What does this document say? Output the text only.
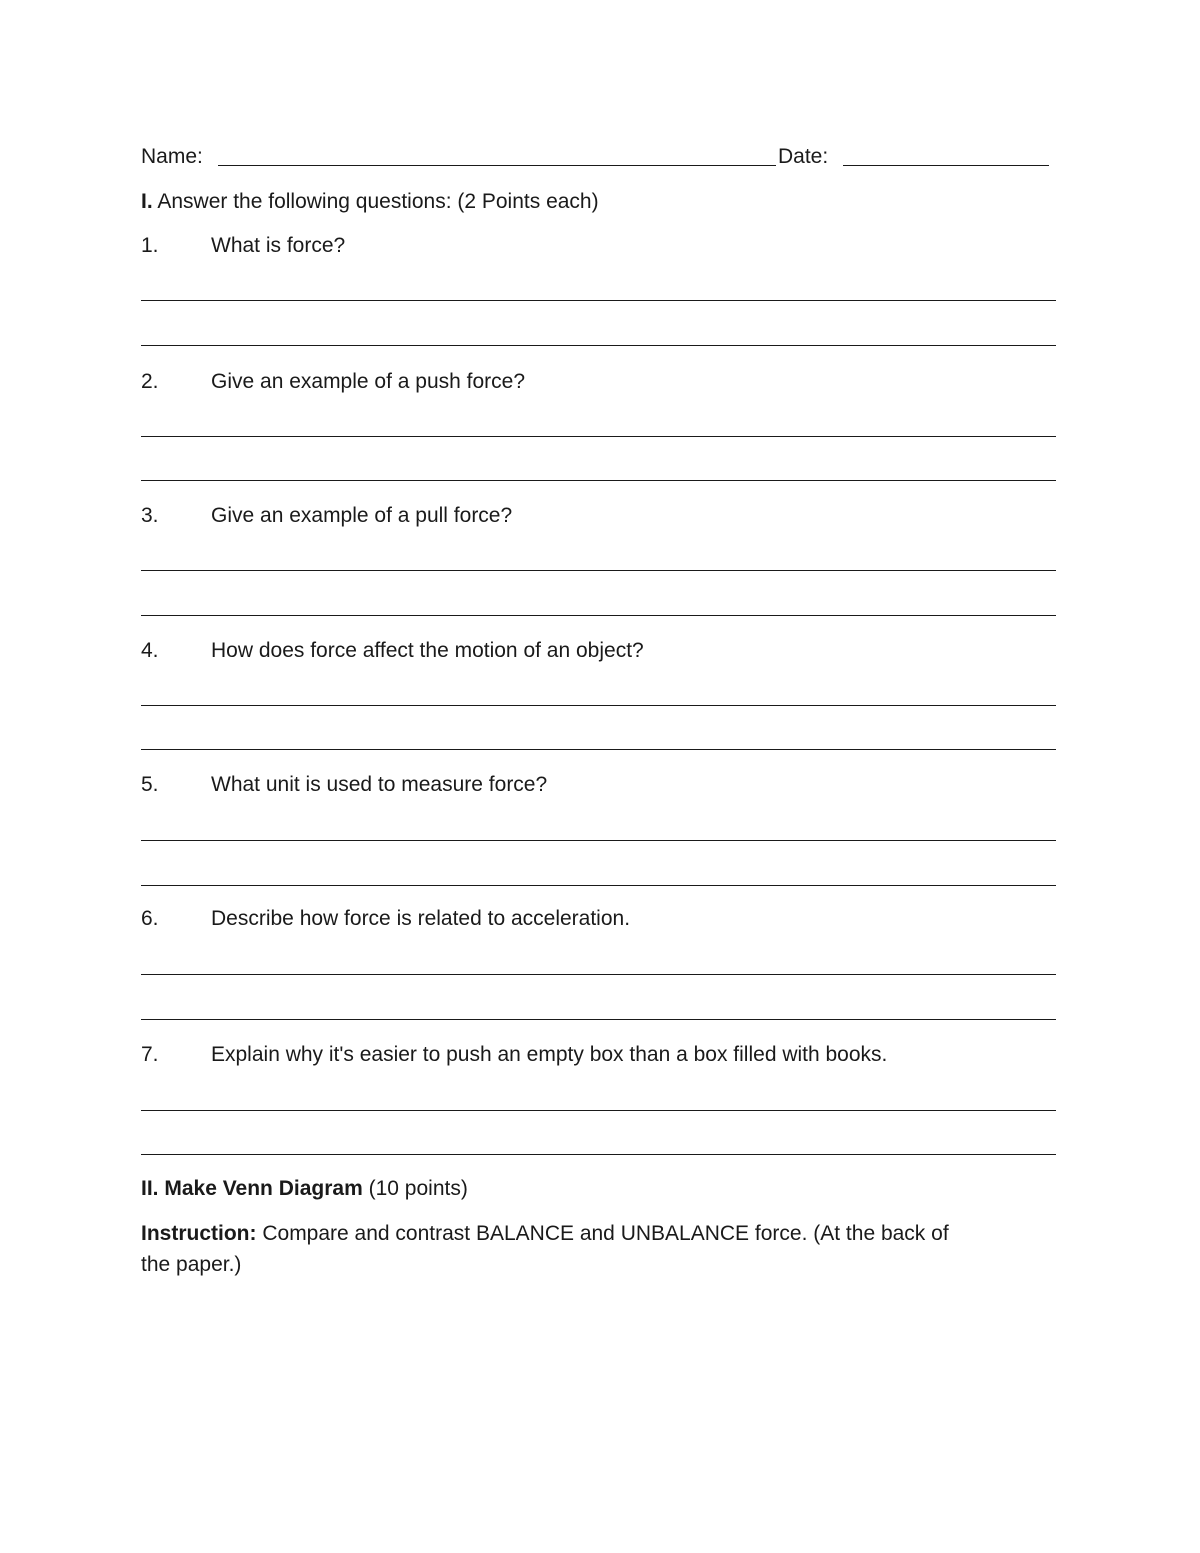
Name:	Date:
I. Answer the following questions: (2 Points each)
1. What is force?
2. Give an example of a push force?
3. Give an example of a pull force?
4. How does force affect the motion of an object?
5. What unit is used to measure force?
6. Describe how force is related to acceleration.
7. Explain why it's easier to push an empty box than a box filled with books.
II. Make Venn Diagram (10 points)
Instruction: Compare and contrast BALANCE and UNBALANCE force. (At the back of
the paper.)
